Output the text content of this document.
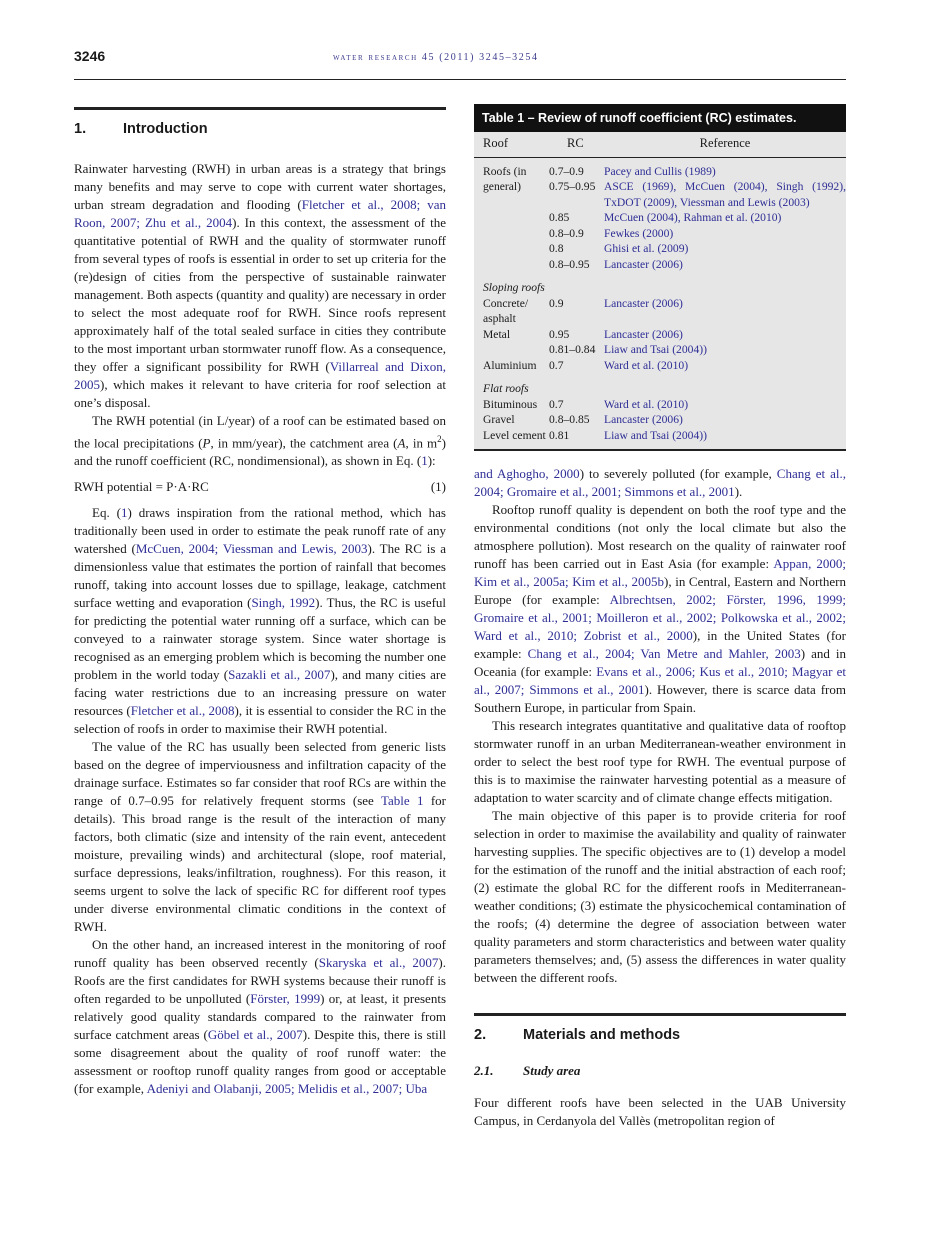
3246	water research 45 (2011) 3245–3254
1.	Introduction

Rainwater harvesting (RWH) in urban areas is a strategy that brings many benefits and may serve to cope with current water shortages, urban stream degradation and flooding (Fletcher et al., 2008; van Roon, 2007; Zhu et al., 2004). In this context, the assessment of the quantitative potential of RWH and the quality of stormwater runoff from several types of roofs is essential in order to set up criteria for the (re)design of cities from the perspective of sustainable rainwater management. Both aspects (quantity and quality) are necessary in order to select the most adequate roof for RWH. Since roofs represent approximately half of the total sealed surface in cities they contribute to the most important urban stormwater runoff flow. As a consequence, they offer a significant possibility for RWH (Villarreal and Dixon, 2005), which makes it relevant to have criteria for roof selection at one’s disposal.

The RWH potential (in L/year) of a roof can be estimated based on the local precipitations (P, in mm/year), the catchment area (A, in $m^2$) and the runoff coefficient (RC, nondimensional), as shown in Eq. (1):

RWH potential = P·A·RC	(1)

Eq. (1) draws inspiration from the rational method, which has traditionally been used in order to estimate the peak runoff rate of any watershed (McCuen, 2004; Viessman and Lewis, 2003). The RC is a dimensionless value that estimates the portion of rainfall that becomes runoff, taking into account losses due to spillage, leakage, catchment surface wetting and evaporation (Singh, 1992). Thus, the RC is useful for predicting the potential water running off a surface, which can be conveyed to a rainwater storage system. Since water shortage is recognised as an emerging problem which is becoming the number one problem in the world today (Sazakli et al., 2007), and many cities are facing water restrictions due to an increasing pressure on water resources (Fletcher et al., 2008), it is essential to consider the RC in the selection of roofs in order to maximise their RWH potential.

The value of the RC has usually been selected from generic lists based on the degree of imperviousness and infiltration capacity of the drainage surface. Estimates so far consider that roof RCs are within the range of 0.7–0.95 for relatively frequent storms (see Table 1 for details). This broad range is the result of the interaction of many factors, both climatic (size and intensity of the rain event, antecedent moisture, prevailing winds) and architectural (slope, roof material, surface depressions, leaks/infiltration, roughness). For this reason, it seems urgent to solve the lack of specific RC for different roof types under diverse environmental climatic conditions in the context of RWH.

On the other hand, an increased interest in the monitoring of roof runoff quality has been observed recently (Skaryska et al., 2007). Roofs are the first candidates for RWH systems because their runoff is often regarded to be unpolluted (Förster, 1999) or, at least, it presents relatively good quality standards compared to the rainwater from surface catchment areas (Göbel et al., 2007). Despite this, there is still some disagreement about the quality of roof runoff water: the assessment or rooftop runoff quality ranges from good or acceptable (for example, Adeniyi and Olabanji, 2005; Melidis et al., 2007; Uba

Table 1 – Review of runoff coefficient (RC) estimates.
Roof	RC	Reference
Roofs (in	0.7–0.9	Pacey and Cullis (1989)
general)	0.75–0.95	ASCE (1969), McCuen (2004), Singh (1992), TxDOT (2009), Viessman and Lewis (2003)
	0.85	McCuen (2004), Rahman et al. (2010)
	0.8–0.9	Fewkes (2000)
	0.8	Ghisi et al. (2009)
	0.8–0.95	Lancaster (2006)
Sloping roofs		
Concrete/ asphalt	0.9	Lancaster (2006)
Metal	0.95	Lancaster (2006)
	0.81–0.84	Liaw and Tsai (2004))
Aluminium	0.7	Ward et al. (2010)
Flat roofs		
Bituminous	0.7	Ward et al. (2010)
Gravel	0.8–0.85	Lancaster (2006)
Level cement	0.81	Liaw and Tsai (2004))

and Aghogho, 2000) to severely polluted (for example, Chang et al., 2004; Gromaire et al., 2001; Simmons et al., 2001).

Rooftop runoff quality is dependent on both the roof type and the environmental conditions (not only the local climate but also the atmosphere pollution). Most research on the quality of rainwater roof runoff has been carried out in East Asia (for example: Appan, 2000; Kim et al., 2005a; Kim et al., 2005b), in Central, Eastern and Northern Europe (for example: Albrechtsen, 2002; Förster, 1996, 1999; Gromaire et al., 2001; Moilleron et al., 2002; Polkowska et al., 2002; Ward et al., 2010; Zobrist et al., 2000), in the United States (for example: Chang et al., 2004; Van Metre and Mahler, 2003) and in Oceania (for example: Evans et al., 2006; Kus et al., 2010; Magyar et al., 2007; Simmons et al., 2001). However, there is scarce data from Southern Europe, in particular from Spain.

This research integrates quantitative and qualitative data of rooftop stormwater runoff in an urban Mediterranean-weather environment in order to select the best roof type for RWH. The eventual purpose of this is to maximise the rainwater harvesting potential as a measure of adaptation to water scarcity and of climate change effects mitigation.

The main objective of this paper is to provide criteria for roof selection in order to maximise the availability and quality of rainwater harvesting supplies. The specific objectives are to (1) develop a model for the estimation of the runoff and the initial abstraction of each roof; (2) estimate the global RC for the different roofs in Mediterranean-weather conditions; (3) estimate the physicochemical contamination of the roofs; (4) determine the degree of association between water quality parameters and storm characteristics and between water quality parameters themselves; and, (5) assess the differences in water quality between the different roofs.

2.	Materials and methods
2.1.	Study area

Four different roofs have been selected in the UAB University Campus, in Cerdanyola del Vallès (metropolitan region of
